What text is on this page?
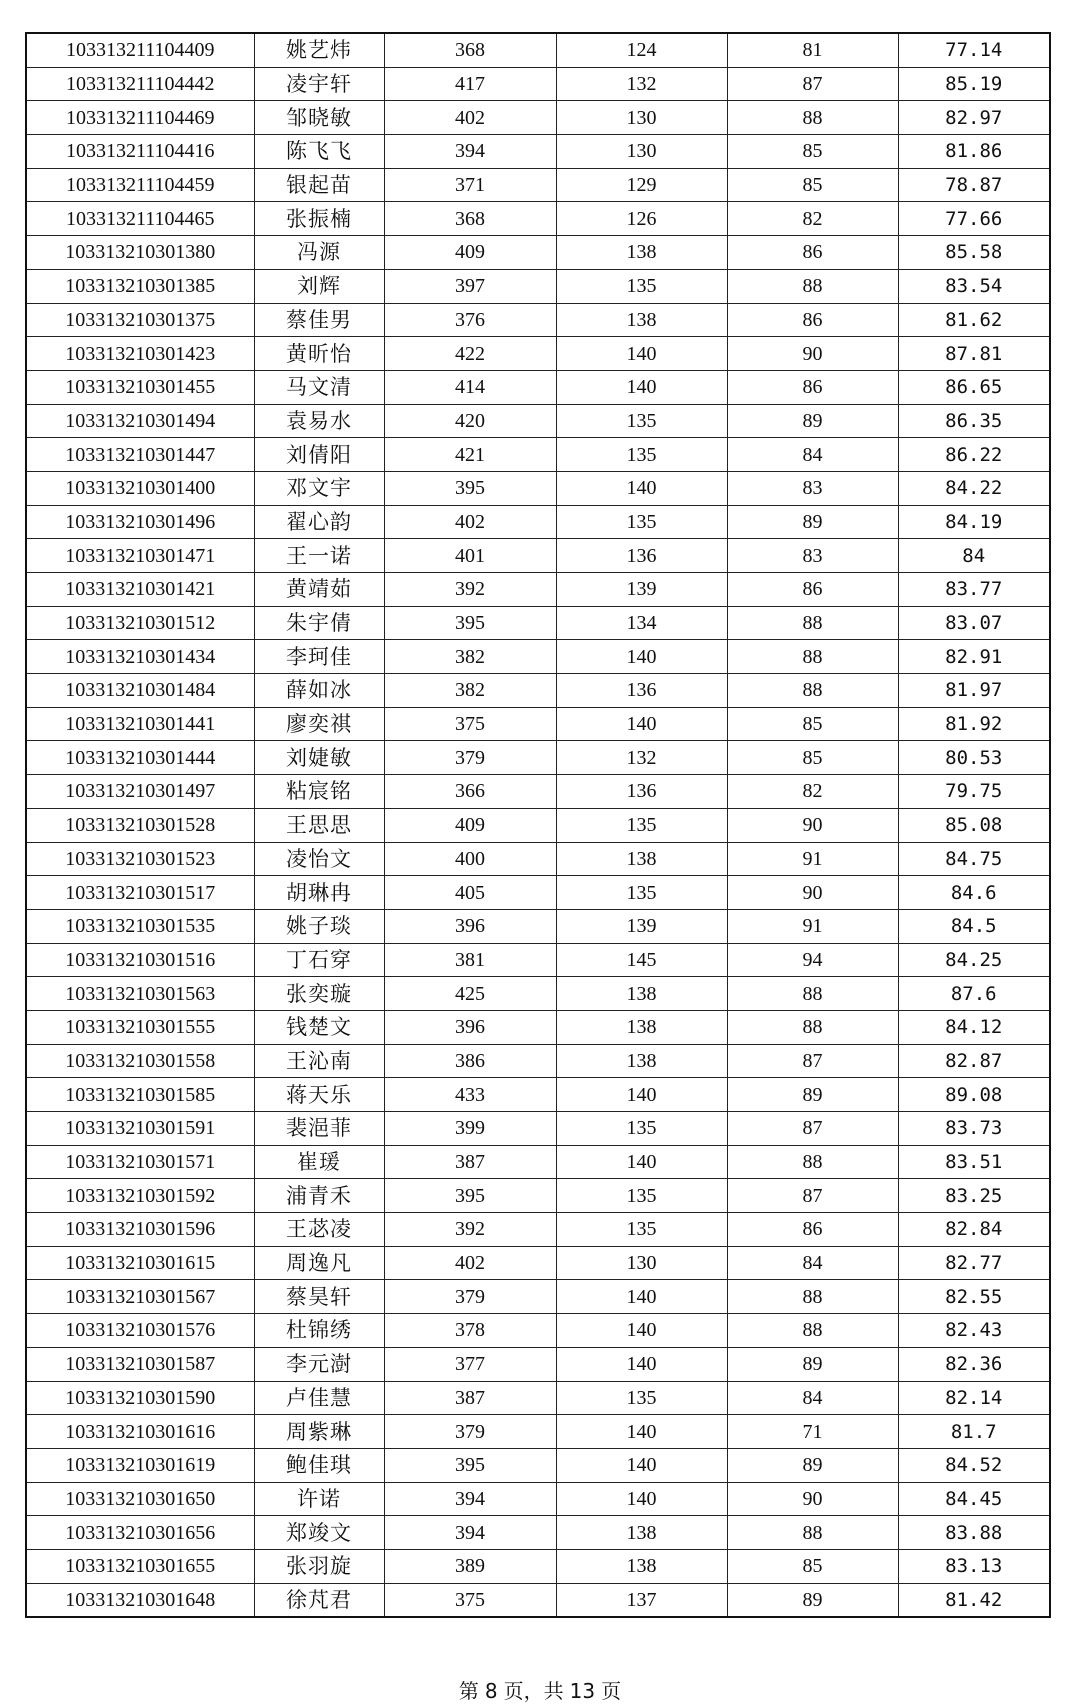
103313211104409	姚艺炜	368	124	81	77.14
103313211104442	凌宇轩	417	132	87	85.19
103313211104469	邹晓敏	402	130	88	82.97
103313211104416	陈飞飞	394	130	85	81.86
103313211104459	银起苗	371	129	85	78.87
103313211104465	张振楠	368	126	82	77.66
103313210301380	冯源	409	138	86	85.58
103313210301385	刘辉	397	135	88	83.54
103313210301375	蔡佳男	376	138	86	81.62
103313210301423	黄昕怡	422	140	90	87.81
103313210301455	马文清	414	140	86	86.65
103313210301494	袁易水	420	135	89	86.35
103313210301447	刘倩阳	421	135	84	86.22
103313210301400	邓文宇	395	140	83	84.22
103313210301496	翟心韵	402	135	89	84.19
103313210301471	王一诺	401	136	83	84
103313210301421	黄靖茹	392	139	86	83.77
103313210301512	朱宇倩	395	134	88	83.07
103313210301434	李珂佳	382	140	88	82.91
103313210301484	薛如冰	382	136	88	81.97
103313210301441	廖奕祺	375	140	85	81.92
103313210301444	刘婕敏	379	132	85	80.53
103313210301497	粘宸铭	366	136	82	79.75
103313210301528	王思思	409	135	90	85.08
103313210301523	凌怡文	400	138	91	84.75
103313210301517	胡琳冉	405	135	90	84.6
103313210301535	姚子琰	396	139	91	84.5
103313210301516	丁石穿	381	145	94	84.25
103313210301563	张奕璇	425	138	88	87.6
103313210301555	钱楚文	396	138	88	84.12
103313210301558	王沁南	386	138	87	82.87
103313210301585	蒋天乐	433	140	89	89.08
103313210301591	裴浥菲	399	135	87	83.73
103313210301571	崔瑗	387	140	88	83.51
103313210301592	浦青禾	395	135	87	83.25
103313210301596	王苾凌	392	135	86	82.84
103313210301615	周逸凡	402	130	84	82.77
103313210301567	蔡昊轩	379	140	88	82.55
103313210301576	杜锦绣	378	140	88	82.43
103313210301587	李元澍	377	140	89	82.36
103313210301590	卢佳慧	387	135	84	82.14
103313210301616	周紫琳	379	140	71	81.7
103313210301619	鲍佳琪	395	140	89	84.52
103313210301650	许诺	394	140	90	84.45
103313210301656	郑竣文	394	138	88	83.88
103313210301655	张羽旋	389	138	85	83.13
103313210301648	徐芃君	375	137	89	81.42
第 8 页，共 13 页
